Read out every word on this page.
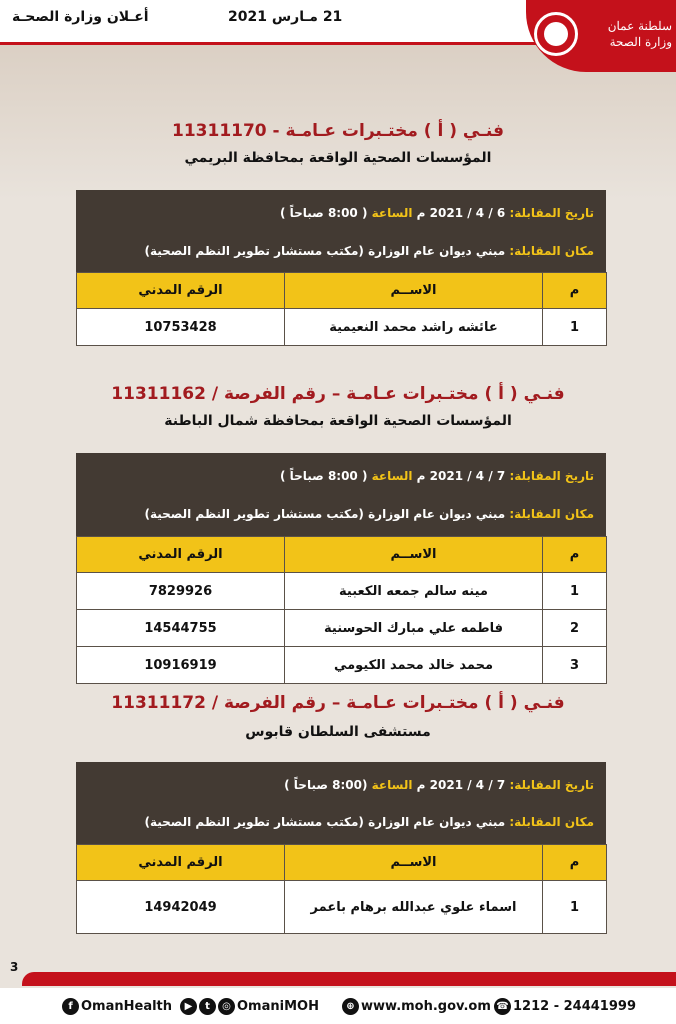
أعـلان وزارة الصحـة	21 مـارس 2021
سلطنة عمان وزارة الصحة
فنـي ( أ ) مختـبرات عـامـة - 11311170
المؤسسات الصحية الواقعة بمحافظة البريمي
تاريخ المقابلة: 6 / 4 / 2021 م الساعة ( 8:00 صباحاً )
مكان المقابلة: مبني ديوان عام الوزارة (مكتب مستشار تطوير النظم الصحية)
م	الاســم	الرقم المدني
1	عائشه راشد محمد النعيمية	10753428
فنـي ( أ ) مختـبرات عـامـة – رقم الفرصة / 11311162
المؤسسات الصحية الواقعة بمحافظة شمال الباطنة
تاريخ المقابلة: 7 / 4 / 2021 م الساعة ( 8:00 صباحاً )
مكان المقابلة: مبني ديوان عام الوزارة (مكتب مستشار تطوير النظم الصحية)
م	الاســم	الرقم المدني
1	مينه سالم جمعه الكعبية	7829926
2	فاطمه علي مبارك الحوسنية	14544755
3	محمد خالد محمد الكيومي	10916919
فنـي ( أ ) مختـبرات عـامـة – رقم الفرصة / 11311172
مستشفى السلطان قابوس
تاريخ المقابلة: 7 / 4 / 2021 م الساعة (8:00 صباحاً )
مكان المقابلة: مبني ديوان عام الوزارة (مكتب مستشار تطوير النظم الصحية)
م	الاســم	الرقم المدني
1	اسماء علوي عبدالله برهام باعمر	14942049
3
f OmanHealth	▶ t ◎ OmaniMOH	⊕ www.moh.gov.om ☎ 1212 - 24441999
